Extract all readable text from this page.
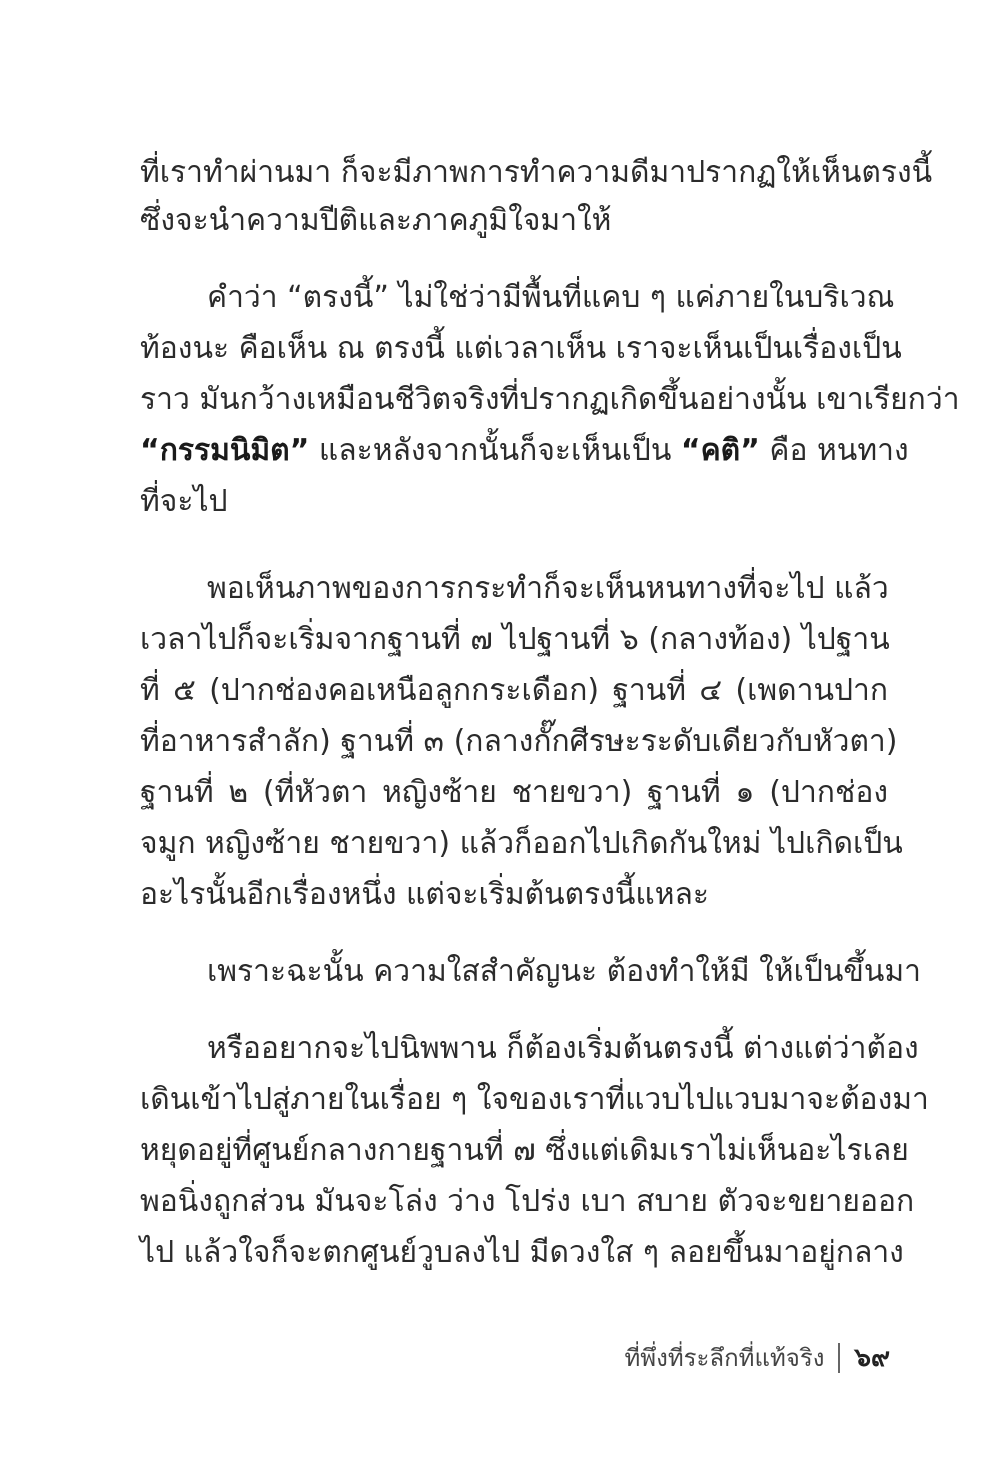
ที่เราทำผ่านมา ก็จะมีภาพการทำความดีมาปรากฏให้เห็นตรงนี้
ซึ่งจะนำความปีติและภาคภูมิใจมาให้
คำว่า “ตรงนี้” ไม่ใช่ว่ามีพื้นที่แคบ ๆ แค่ภายในบริเวณ
ท้องนะ คือเห็น ณ ตรงนี้ แต่เวลาเห็น เราจะเห็นเป็นเรื่องเป็น
ราว มันกว้างเหมือนชีวิตจริงที่ปรากฏเกิดขึ้นอย่างนั้น เขาเรียกว่า
“กรรมนิมิต” และหลังจากนั้นก็จะเห็นเป็น “คติ” คือ หนทาง
ที่จะไป
พอเห็นภาพของการกระทำก็จะเห็นหนทางที่จะไป แล้ว
เวลาไปก็จะเริ่มจากฐานที่ ๗ ไปฐานที่ ๖ (กลางท้อง) ไปฐาน
ที่ ๕ (ปากช่องคอเหนือลูกกระเดือก) ฐานที่ ๔ (เพดานปาก
ที่อาหารสำลัก) ฐานที่ ๓ (กลางกั๊กศีรษะระดับเดียวกับหัวตา)
ฐานที่ ๒ (ที่หัวตา หญิงซ้าย ชายขวา) ฐานที่ ๑ (ปากช่อง
จมูก หญิงซ้าย ชายขวา) แล้วก็ออกไปเกิดกันใหม่ ไปเกิดเป็น
อะไรนั้นอีกเรื่องหนึ่ง แต่จะเริ่มต้นตรงนี้แหละ
เพราะฉะนั้น ความใสสำคัญนะ ต้องทำให้มี ให้เป็นขึ้นมา
หรืออยากจะไปนิพพาน ก็ต้องเริ่มต้นตรงนี้ ต่างแต่ว่าต้อง
เดินเข้าไปสู่ภายในเรื่อย ๆ ใจของเราที่แวบไปแวบมาจะต้องมา
หยุดอยู่ที่ศูนย์กลางกายฐานที่ ๗ ซึ่งแต่เดิมเราไม่เห็นอะไรเลย
พอนิ่งถูกส่วน มันจะโล่ง ว่าง โปร่ง เบา สบาย ตัวจะขยายออก
ไป แล้วใจก็จะตกศูนย์วูบลงไป มีดวงใส ๆ ลอยขึ้นมาอยู่กลาง
ที่พึ่งที่ระลึกที่แท้จริง ๖๙
